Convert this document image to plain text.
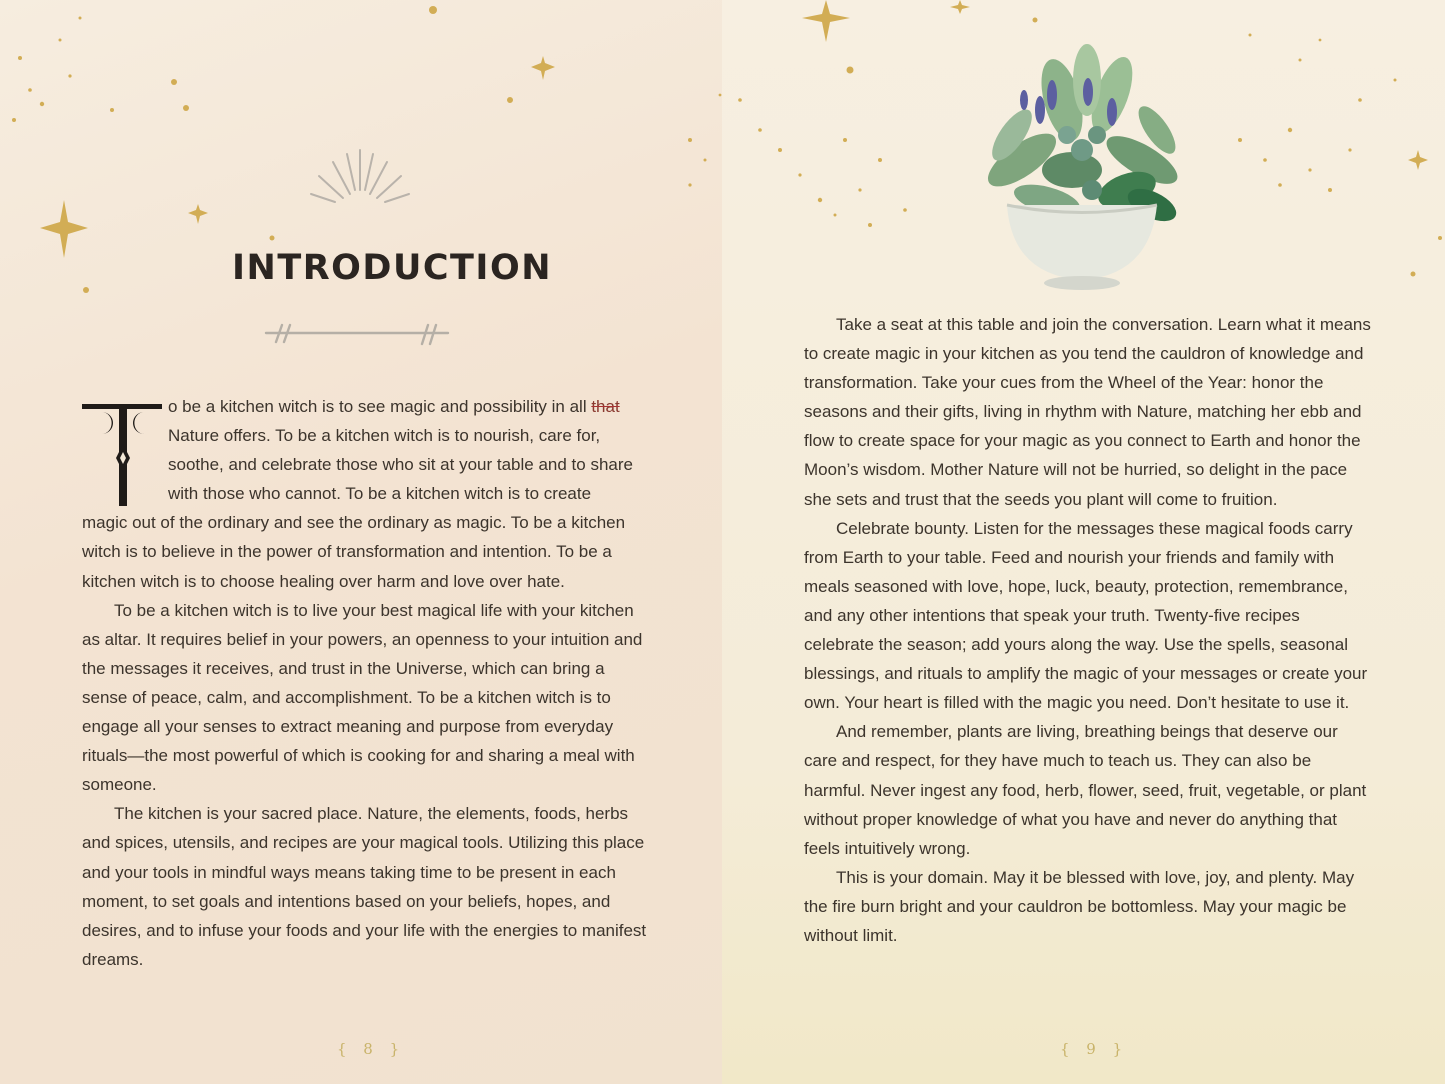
INTRODUCTION

o be a kitchen witch is to see magic and possibility in all that

Nature offers. To be a kitchen witch is to nourish, care for,

soothe, and celebrate those who sit at your table and to share

with those who cannot. To be a kitchen witch is to create

magic out of the ordinary and see the ordinary as magic. To be a kitchen witch is to believe in the power of transformation and intention. To be a kitchen witch is to choose healing over harm and love over hate.

To be a kitchen witch is to live your best magical life with your kitchen as altar. It requires belief in your powers, an openness to your intuition and the messages it receives, and trust in the Universe, which can bring a sense of peace, calm, and accomplishment. To be a kitchen witch is to engage all your senses to extract meaning and purpose from everyday rituals—the most powerful of which is cooking for and sharing a meal with someone.

The kitchen is your sacred place. Nature, the elements, foods, herbs and spices, utensils, and recipes are your magical tools. Utilizing this place and your tools in mindful ways means taking time to be present in each moment, to set goals and intentions based on your beliefs, hopes, and desires, and to infuse your foods and your life with the energies to manifest dreams.

{ 8 }

Take a seat at this table and join the conversation. Learn what it means to create magic in your kitchen as you tend the cauldron of knowledge and transformation. Take your cues from the Wheel of the Year: honor the seasons and their gifts, living in rhythm with Nature, matching her ebb and flow to create space for your magic as you connect to Earth and honor the Moon’s wisdom. Mother Nature will not be hurried, so delight in the pace she sets and trust that the seeds you plant will come to fruition.

Celebrate bounty. Listen for the messages these magical foods carry from Earth to your table. Feed and nourish your friends and family with meals seasoned with love, hope, luck, beauty, protection, remembrance, and any other intentions that speak your truth. Twenty-five recipes celebrate the season; add yours along the way. Use the spells, seasonal blessings, and rituals to amplify the magic of your messages or create your own. Your heart is filled with the magic you need. Don’t hesitate to use it.

And remember, plants are living, breathing beings that deserve our care and respect, for they have much to teach us. They can also be harmful. Never ingest any food, herb, flower, seed, fruit, vegetable, or plant without proper knowledge of what you have and never do anything that feels intuitively wrong.

This is your domain. May it be blessed with love, joy, and plenty. May the fire burn bright and your cauldron be bottomless. May your magic be without limit.

{ 9 }
